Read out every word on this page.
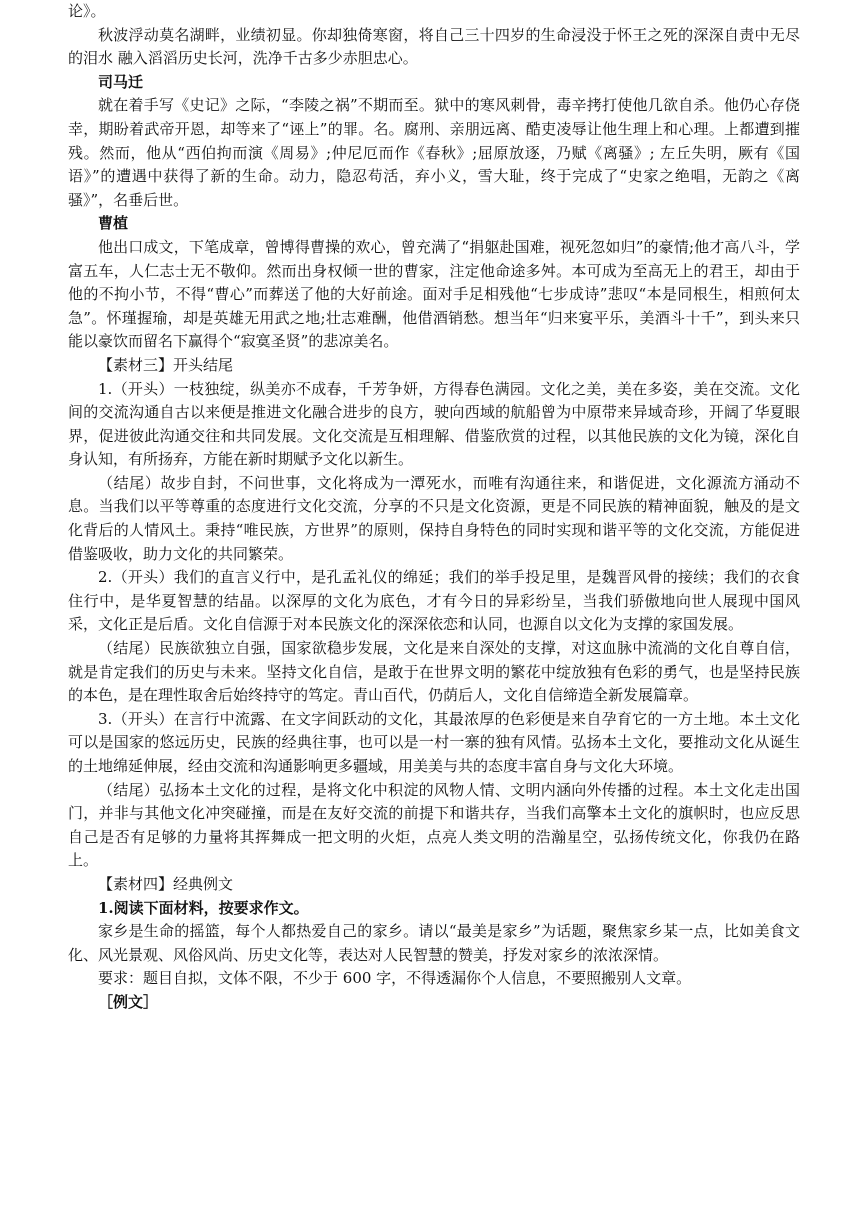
论》。

秋波浮动莫名湖畔，业绩初显。你却独倚寒窗，将自己三十四岁的生命浸没于怀王之死的深深自责中无尽的泪水 融入滔滔历史长河，洗净千古多少赤胆忠心。

司马迁

就在着手写《史记》之际，“李陵之祸”不期而至。狱中的寒风刺骨，毒辛拷打使他几欲自杀。他仍心存侥幸，期盼着武帝开恩，却等来了“诬上”的罪。名。腐刑、亲朋远离、酷吏凌辱让他生理上和心理。上都遭到摧残。然而，他从“西伯拘而演《周易》;仲尼厄而作《春秋》;屈原放逐，乃赋《离骚》; 左丘失明，厥有《国语》”的遭遇中获得了新的生命。动力，隐忍苟活，弃小义，雪大耻，终于完成了“史家之绝唱，无韵之《离骚》”，名垂后世。

曹植

他出口成文，下笔成章，曾博得曹操的欢心，曾充满了“捐躯赴国难，视死忽如归”的豪情;他才高八斗，学富五车，人仁志士无不敬仰。然而出身权倾一世的曹家，注定他命途多舛。本可成为至高无上的君王，却由于他的不拘小节，不得“曹心”而葬送了他的大好前途。面对手足相残他“七步成诗”悲叹“本是同根生，相煎何太急”。怀瑾握瑜，却是英雄无用武之地;壮志难酬，他借酒销愁。想当年“归来宴平乐，美酒斗十千”，到头来只能以豪饮而留名下赢得个“寂寞圣贤”的悲凉美名。

【素材三】开头结尾

1.（开头）一枝独绽，纵美亦不成春，千芳争妍，方得春色满园。文化之美，美在多姿，美在交流。文化间的交流沟通自古以来便是推进文化融合进步的良方，驶向西域的航船曾为中原带来异域奇珍，开阔了华夏眼界，促进彼此沟通交往和共同发展。文化交流是互相理解、借鉴欣赏的过程，以其他民族的文化为镜，深化自身认知，有所扬弃，方能在新时期赋予文化以新生。

（结尾）故步自封，不问世事，文化将成为一潭死水，而唯有沟通往来，和谐促进，文化源流方涌动不息。当我们以平等尊重的态度进行文化交流，分享的不只是文化资源，更是不同民族的精神面貌，触及的是文化背后的人情风土。秉持“唯民族，方世界”的原则，保持自身特色的同时实现和谐平等的文化交流，方能促进借鉴吸收，助力文化的共同繁荣。

2.（开头）我们的直言义行中，是孔孟礼仪的绵延；我们的举手投足里，是魏晋风骨的接续；我们的衣食住行中，是华夏智慧的结晶。以深厚的文化为底色，才有今日的异彩纷呈，当我们骄傲地向世人展现中国风采，文化正是后盾。文化自信源于对本民族文化的深深依恋和认同，也源自以文化为支撑的家国发展。

（结尾）民族欲独立自强，国家欲稳步发展，文化是来自深处的支撑，对这血脉中流淌的文化自尊自信，就是肯定我们的历史与未来。坚持文化自信，是敢于在世界文明的繁花中绽放独有色彩的勇气，也是坚持民族的本色，是在理性取舍后始终持守的笃定。青山百代，仍荫后人，文化自信缔造全新发展篇章。

3.（开头）在言行中流露、在文字间跃动的文化，其最浓厚的色彩便是来自孕育它的一方土地。本土文化可以是国家的悠远历史，民族的经典往事，也可以是一村一寨的独有风情。弘扬本土文化，要推动文化从诞生的土地绵延伸展，经由交流和沟通影响更多疆域，用美美与共的态度丰富自身与文化大环境。

（结尾）弘扬本土文化的过程，是将文化中积淀的风物人情、文明内涵向外传播的过程。本土文化走出国门，并非与其他文化冲突碰撞，而是在友好交流的前提下和谐共存，当我们高擎本土文化的旗帜时，也应反思自己是否有足够的力量将其挥舞成一把文明的火炬，点亮人类文明的浩瀚星空，弘扬传统文化，你我仍在路上。

【素材四】经典例文

1.阅读下面材料，按要求作文。

家乡是生命的摇篮，每个人都热爱自己的家乡。请以“最美是家乡”为话题，聚焦家乡某一点，比如美食文化、风光景观、风俗风尚、历史文化等，表达对人民智慧的赞美，抒发对家乡的浓浓深情。

要求：题目自拟，文体不限，不少于 600 字，不得透漏你个人信息，不要照搬别人文章。

［例文］
